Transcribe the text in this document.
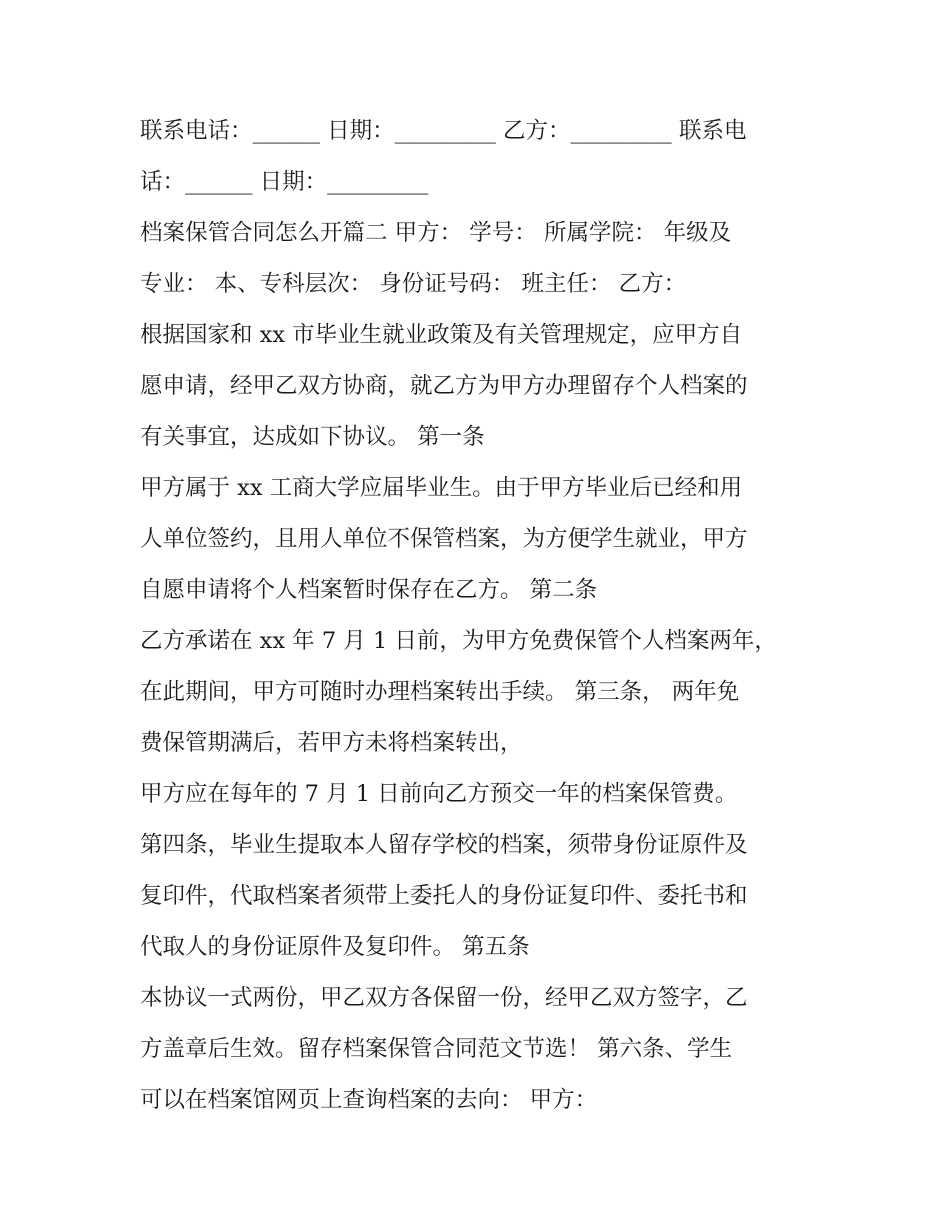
联系电话：______ 日期：_________ 乙方：_________ 联系电
话：______ 日期：_________
档案保管合同怎么开篇二 甲方： 学号： 所属学院： 年级及
专业： 本、专科层次： 身份证号码： 班主任： 乙方：
根据国家和 xx 市毕业生就业政策及有关管理规定，应甲方自
愿申请，经甲乙双方协商，就乙方为甲方办理留存个人档案的
有关事宜，达成如下协议。 第一条
甲方属于 xx 工商大学应届毕业生。由于甲方毕业后已经和用
人单位签约，且用人单位不保管档案，为方便学生就业，甲方
自愿申请将个人档案暂时保存在乙方。 第二条
乙方承诺在 xx 年 7 月 1 日前，为甲方免费保管个人档案两年，
在此期间，甲方可随时办理档案转出手续。 第三条， 两年免
费保管期满后，若甲方未将档案转出，
甲方应在每年的 7 月 1 日前向乙方预交一年的档案保管费。
第四条，毕业生提取本人留存学校的档案，须带身份证原件及
复印件，代取档案者须带上委托人的身份证复印件、委托书和
代取人的身份证原件及复印件。 第五条
本协议一式两份，甲乙双方各保留一份，经甲乙双方签字，乙
方盖章后生效。留存档案保管合同范文节选！ 第六条、学生
可以在档案馆网页上查询档案的去向： 甲方：
